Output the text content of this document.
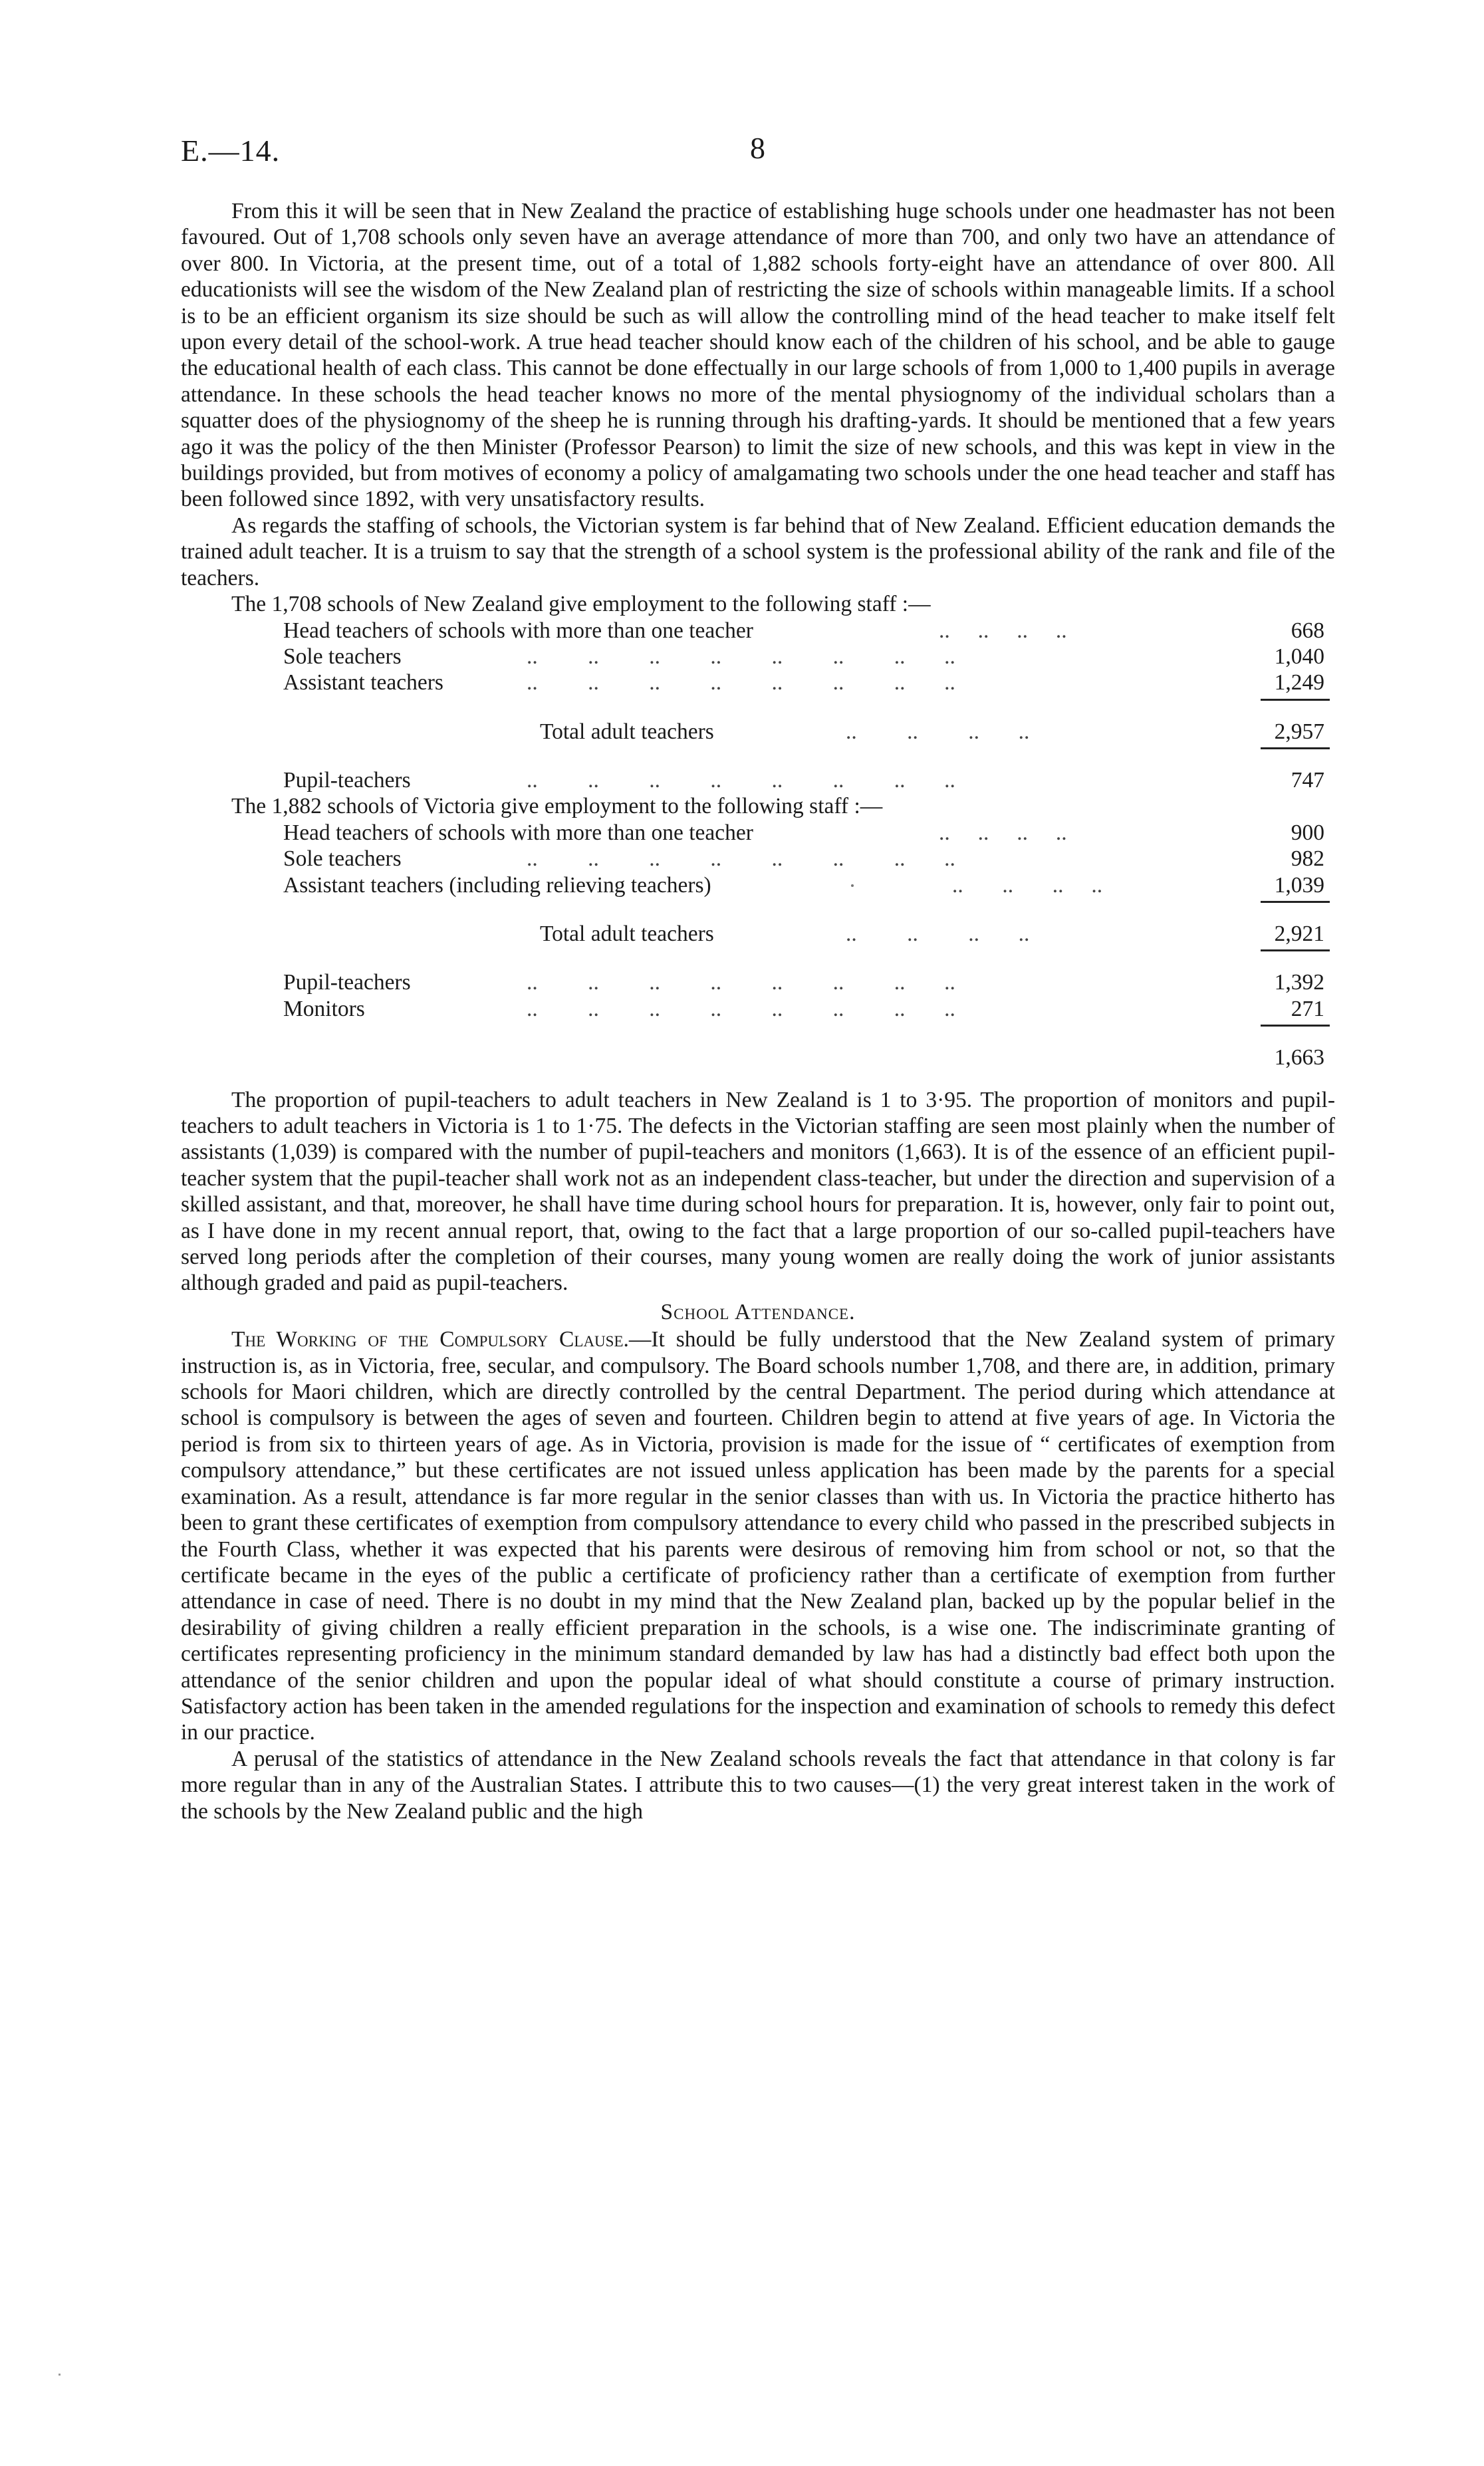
E.—14.	8

From this it will be seen that in New Zealand the practice of establishing huge schools under one headmaster has not been favoured. Out of 1,708 schools only seven have an average attendance of more than 700, and only two have an attendance of over 800. In Victoria, at the present time, out of a total of 1,882 schools forty-eight have an attendance of over 800. All educationists will see the wisdom of the New Zealand plan of restricting the size of schools within manageable limits. If a school is to be an efficient organism its size should be such as will allow the controlling mind of the head teacher to make itself felt upon every detail of the school-work. A true head teacher should know each of the children of his school, and be able to gauge the educational health of each class. This cannot be done effectually in our large schools of from 1,000 to 1,400 pupils in average attendance. In these schools the head teacher knows no more of the mental physiognomy of the individual scholars than a squatter does of the physiognomy of the sheep he is running through his drafting-yards. It should be mentioned that a few years ago it was the policy of the then Minister (Professor Pearson) to limit the size of new schools, and this was kept in view in the buildings provided, but from motives of economy a policy of amalgamating two schools under the one head teacher and staff has been followed since 1892, with very unsatisfactory results.

As regards the staffing of schools, the Victorian system is far behind that of New Zealand. Efficient education demands the trained adult teacher. It is a truism to say that the strength of a school system is the professional ability of the rank and file of the teachers.

The 1,708 schools of New Zealand give employment to the following staff :—
Head teachers of schools with more than one teacher	..     ..     ..     ..	668
Sole teachers	..         ..         ..         ..         ..         ..         ..       ..	1,040
Assistant teachers	..         ..         ..         ..         ..         ..         ..       ..	1,249
Total adult teachers	..         ..         ..       ..	2,957
Pupil-teachers	..         ..         ..         ..         ..         ..         ..       ..	747
The 1,882 schools of Victoria give employment to the following staff :—
Head teachers of schools with more than one teacher	..     ..     ..     ..	900
Sole teachers	..         ..         ..         ..         ..         ..         ..       ..	982
Assistant teachers (including relieving teachers)	..       ..       ..     ..	1,039
Total adult teachers	..         ..         ..       ..	2,921
Pupil-teachers	..         ..         ..         ..         ..         ..         ..       ..	1,392
Monitors	..         ..         ..         ..         ..         ..         ..       ..	271
1,663

The proportion of pupil-teachers to adult teachers in New Zealand is 1 to 3·95. The proportion of monitors and pupil-teachers to adult teachers in Victoria is 1 to 1·75. The defects in the Victorian staffing are seen most plainly when the number of assistants (1,039) is compared with the number of pupil-teachers and monitors (1,663). It is of the essence of an efficient pupil-teacher system that the pupil-teacher shall work not as an independent class-teacher, but under the direction and supervision of a skilled assistant, and that, moreover, he shall have time during school hours for preparation. It is, however, only fair to point out, as I have done in my recent annual report, that, owing to the fact that a large proportion of our so-called pupil-teachers have served long periods after the completion of their courses, many young women are really doing the work of junior assistants although graded and paid as pupil-teachers.

School Attendance.

The Working of the Compulsory Clause.—It should be fully understood that the New Zealand system of primary instruction is, as in Victoria, free, secular, and compulsory. The Board schools number 1,708, and there are, in addition, primary schools for Maori children, which are directly controlled by the central Department. The period during which attendance at school is compulsory is between the ages of seven and fourteen. Children begin to attend at five years of age. In Victoria the period is from six to thirteen years of age. As in Victoria, provision is made for the issue of “ certificates of exemption from compulsory attendance,” but these certificates are not issued unless application has been made by the parents for a special examination. As a result, attendance is far more regular in the senior classes than with us. In Victoria the practice hitherto has been to grant these certificates of exemption from compulsory attendance to every child who passed in the prescribed subjects in the Fourth Class, whether it was expected that his parents were desirous of removing him from school or not, so that the certificate became in the eyes of the public a certificate of proficiency rather than a certificate of exemption from further attendance in case of need. There is no doubt in my mind that the New Zealand plan, backed up by the popular belief in the desirability of giving children a really efficient preparation in the schools, is a wise one. The indiscriminate granting of certificates representing proficiency in the minimum standard demanded by law has had a distinctly bad effect both upon the attendance of the senior children and upon the popular ideal of what should constitute a course of primary instruction. Satisfactory action has been taken in the amended regulations for the inspection and examination of schools to remedy this defect in our practice.

A perusal of the statistics of attendance in the New Zealand schools reveals the fact that attendance in that colony is far more regular than in any of the Australian States. I attribute this to two causes—(1) the very great interest taken in the work of the schools by the New Zealand public and the high
